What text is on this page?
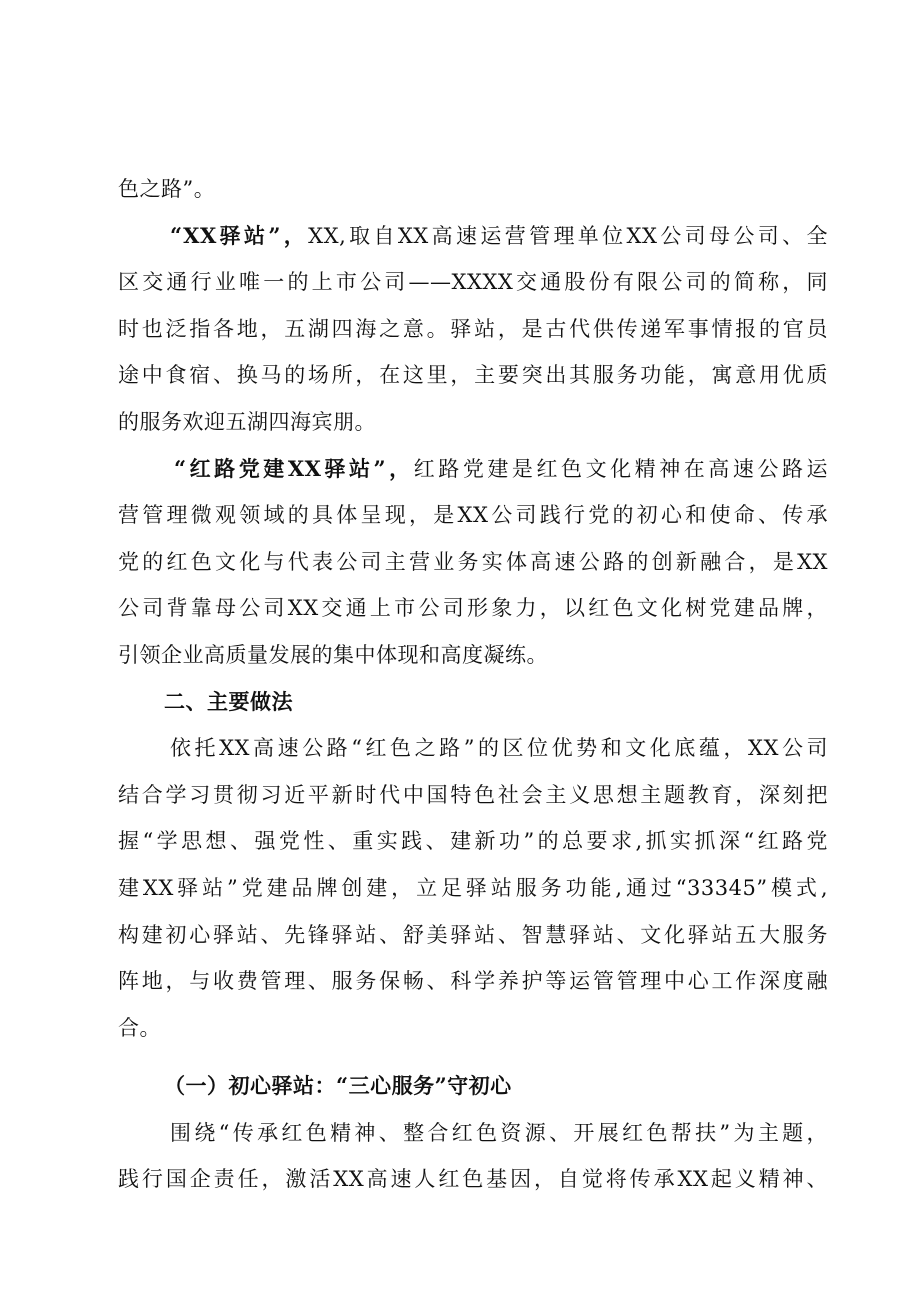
色之路”。
“XX驿站”，XX,取自XX高速运营管理单位XX公司母公司、全
区交通行业唯一的上市公司——XXXX交通股份有限公司的简称，同
时也泛指各地，五湖四海之意。驿站，是古代供传递军事情报的官员
途中食宿、换马的场所，在这里，主要突出其服务功能，寓意用优质
的服务欢迎五湖四海宾朋。
“红路党建XX驿站”，红路党建是红色文化精神在高速公路运
营管理微观领域的具体呈现，是XX公司践行党的初心和使命、传承
党的红色文化与代表公司主营业务实体高速公路的创新融合，是XX
公司背靠母公司XX交通上市公司形象力，以红色文化树党建品牌，
引领企业高质量发展的集中体现和高度凝练。
二、主要做法
依托XX高速公路“红色之路”的区位优势和文化底蕴，XX公司
结合学习贯彻习近平新时代中国特色社会主义思想主题教育，深刻把
握“学思想、强党性、重实践、建新功”的总要求,抓实抓深“红路党
建XX驿站”党建品牌创建，立足驿站服务功能,通过“33345”模式,
构建初心驿站、先锋驿站、舒美驿站、智慧驿站、文化驿站五大服务
阵地，与收费管理、服务保畅、科学养护等运管管理中心工作深度融
合。
（一）初心驿站：“三心服务”守初心
围绕“传承红色精神、整合红色资源、开展红色帮扶”为主题，
践行国企责任，激活XX高速人红色基因，自觉将传承XX起义精神、
